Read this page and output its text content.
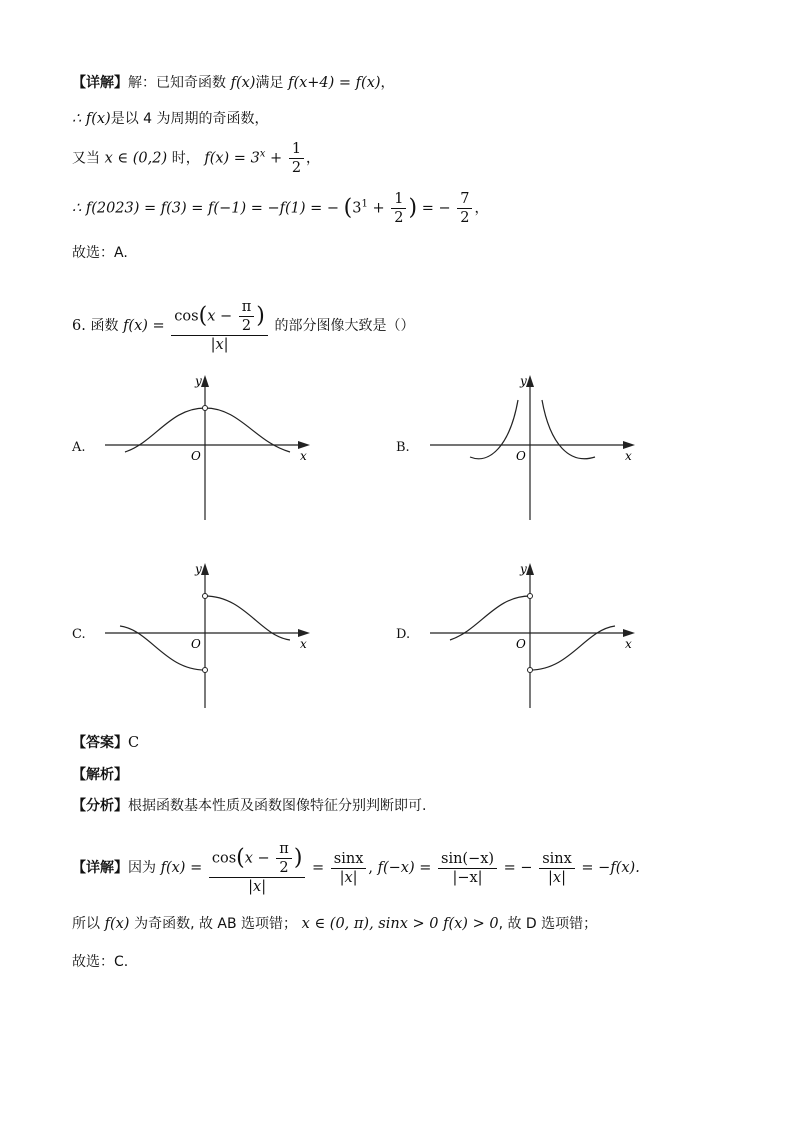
【详解】解：已知奇函数 f(x)满足 f(x+4) = f(x)，
∴ f(x)是以 4 为周期的奇函数，
又当 x ∈ (0,2) 时， $f(x) = 3^x + \frac{1}{2}$ ，
∴ f(2023) = f(3) = f(−1) = −f(1) = − ($3^1 + \frac{1}{2}$ ) = − $\frac{7}{2}$ ，
故选：A.
6. 函数 $f(x) = \frac{\cos(x - \frac{\pi}{2} )}{|x|}$ 的部分图像大致是（）
A.	B.
C.	D.
x
y
O	x
y
O
x
y
O	x
y
O
【答案】C
【解析】
【分析】根据函数基本性质及函数图像特征分别判断即可.
【详解】因为 $f(x) = \frac{\cos(x - \frac{\pi}{2} )}{|x|} = \frac{\sin x}{|x|}$ , $f(-x) = \frac{\sin(-x)}{|-x|}$ = − $\frac{\sin x}{|x|} = -f(x)$.
所以 f(x) 为奇函数, 故 AB 选项错； x ∈ (0, π), sinx > 0 f(x) > 0, 故 D 选项错；
故选：C.
